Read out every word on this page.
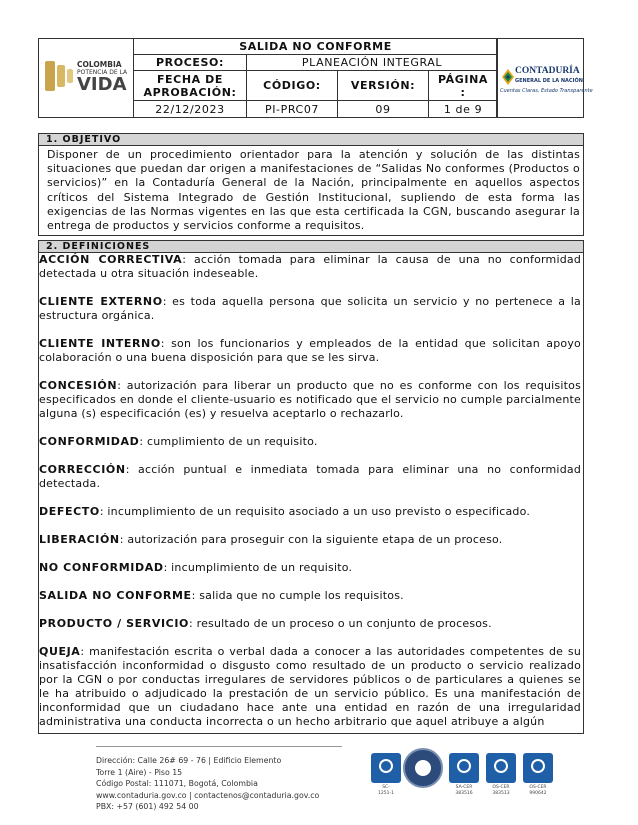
COLOMBIA
POTENCIA DE LA
VIDA
SALIDA NO CONFORME
PROCESO:	PLANEACIÓN INTEGRAL
FECHA DE
APROBACIÓN:	CÓDIGO:	VERSIÓN:	PÁGINA
:
22/12/2023	PI-PRC07	09	1 de 9
CONTADURÍA
GENERAL DE LA NACIÓN
Cuentas Claras, Estado Transparente
1. OBJETIVO
Disponer de un procedimiento orientador para la atención y solución de las distintas situaciones que puedan dar origen a manifestaciones de “Salidas No conformes (Productos o servicios)” en la Contaduría General de la Nación, principalmente en aquellos aspectos críticos del Sistema Integrado de Gestión Institucional, supliendo de esta forma las exigencias de las Normas vigentes en las que esta certificada la CGN, buscando asegurar la entrega de productos y servicios conforme a requisitos.
2. DEFINICIONES

ACCIÓN CORRECTIVA: acción tomada para eliminar la causa de una no conformidad detectada u otra situación indeseable.

CLIENTE EXTERNO: es toda aquella persona que solicita un servicio y no pertenece a la estructura orgánica.

CLIENTE INTERNO: son los funcionarios y empleados de la entidad que solicitan apoyo colaboración o una buena disposición para que se les sirva.

CONCESIÓN: autorización para liberar un producto que no es conforme con los requisitos especificados en donde el cliente-usuario es notificado que el servicio no cumple parcialmente alguna (s) especificación (es) y resuelva aceptarlo o rechazarlo.

CONFORMIDAD: cumplimiento de un requisito.

CORRECCIÓN: acción puntual e inmediata tomada para eliminar una no conformidad detectada.

DEFECTO: incumplimiento de un requisito asociado a un uso previsto o especificado.

LIBERACIÓN: autorización para proseguir con la siguiente etapa de un proceso.

NO CONFORMIDAD: incumplimiento de un requisito.

SALIDA NO CONFORME: salida que no cumple los requisitos.

PRODUCTO / SERVICIO: resultado de un proceso o un conjunto de procesos.

QUEJA: manifestación escrita o verbal dada a conocer a las autoridades competentes de su insatisfacción inconformidad o disgusto como resultado de un producto o servicio realizado por la CGN o por conductas irregulares de servidores públicos o de particulares a quienes se le ha atribuido o adjudicado la prestación de un servicio público. Es una manifestación de inconformidad que un ciudadano hace ante una entidad en razón de una irregularidad administrativa una conducta incorrecta o un hecho arbitrario que aquel atribuye a algún

Dirección: Calle 26# 69 - 76 | Edificio Elemento
Torre 1 (Aire) - Piso 15
Código Postal: 111071, Bogotá, Colombia
www.contaduria.gov.co | contactenos@contaduria.gov.co
PBX: +57 (601) 492 54 00
SC-
1251-1
SA-CER
383516
OS-CER
383513
OS-CER
990642
